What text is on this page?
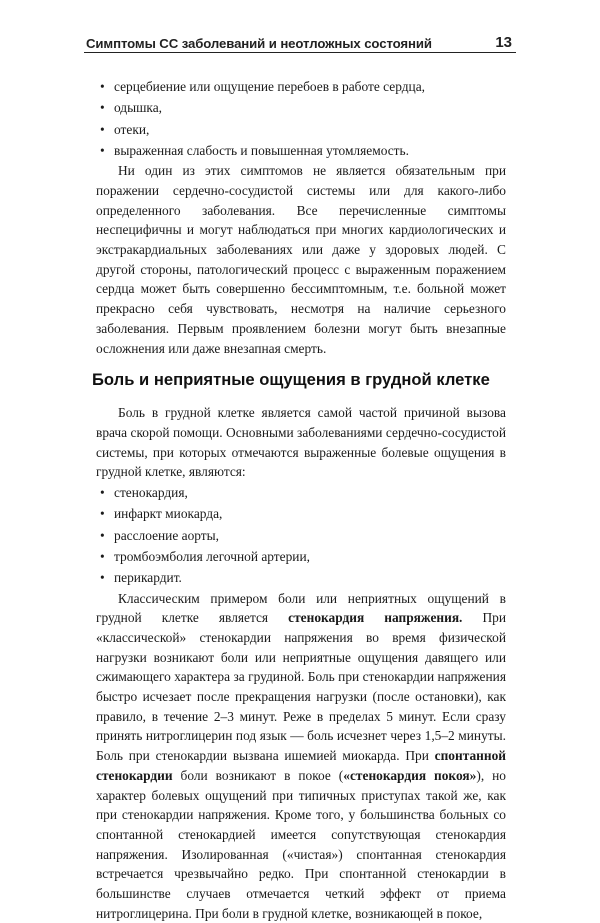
Симптомы СС заболеваний и неотложных состояний	13
• серцебиение или ощущение перебоев в работе сердца,
• одышка,
• отеки,
• выраженная слабость и повышенная утомляемость.

Ни один из этих симптомов не является обязательным при поражении сердечно-сосудистой системы или для какого-либо определенного заболевания. Все перечисленные симптомы неспецифичны и могут наблюдаться при многих кардиологических и экстракардиальных заболеваниях или даже у здоровых людей. С другой стороны, патологический процесс с выраженным поражением сердца может быть совершенно бессимптомным, т.е. больной может прекрасно себя чувствовать, несмотря на наличие серьезного заболевания. Первым проявлением болезни могут быть внезапные осложнения или даже внезапная смерть.

Боль и неприятные ощущения в грудной клетке

Боль в грудной клетке является самой частой причиной вызова врача скорой помощи. Основными заболеваниями сердечно-сосудистой системы, при которых отмечаются выраженные болевые ощущения в грудной клетке, являются:

• стенокардия,
• инфаркт миокарда,
• расслоение аорты,
• тромбоэмболия легочной артерии,
• перикардит.

Классическим примером боли или неприятных ощущений в грудной клетке является стенокардия напряжения. При «классической» стенокардии напряжения во время физической нагрузки возникают боли или неприятные ощущения давящего или сжимающего характера за грудиной. Боль при стенокардии напряжения быстро исчезает после прекращения нагрузки (после остановки), как правило, в течение 2–3 минут. Реже в пределах 5 минут. Если сразу принять нитроглицерин под язык — боль исчезнет через 1,5–2 минуты. Боль при стенокардии вызвана ишемией миокарда. При спонтанной стенокардии боли возникают в покое («стенокардия покоя»), но характер болевых ощущений при типичных приступах такой же, как при стенокардии напряжения. Кроме того, у большинства больных со спонтанной стенокардией имеется сопутствующая стенокардия напряжения. Изолированная («чистая») спонтанная стенокардия встречается чрезвычайно редко. При спонтанной стенокардии в большинстве случаев отмечается четкий эффект от приема нитроглицерина. При боли в грудной клетке, возникающей в покое,
